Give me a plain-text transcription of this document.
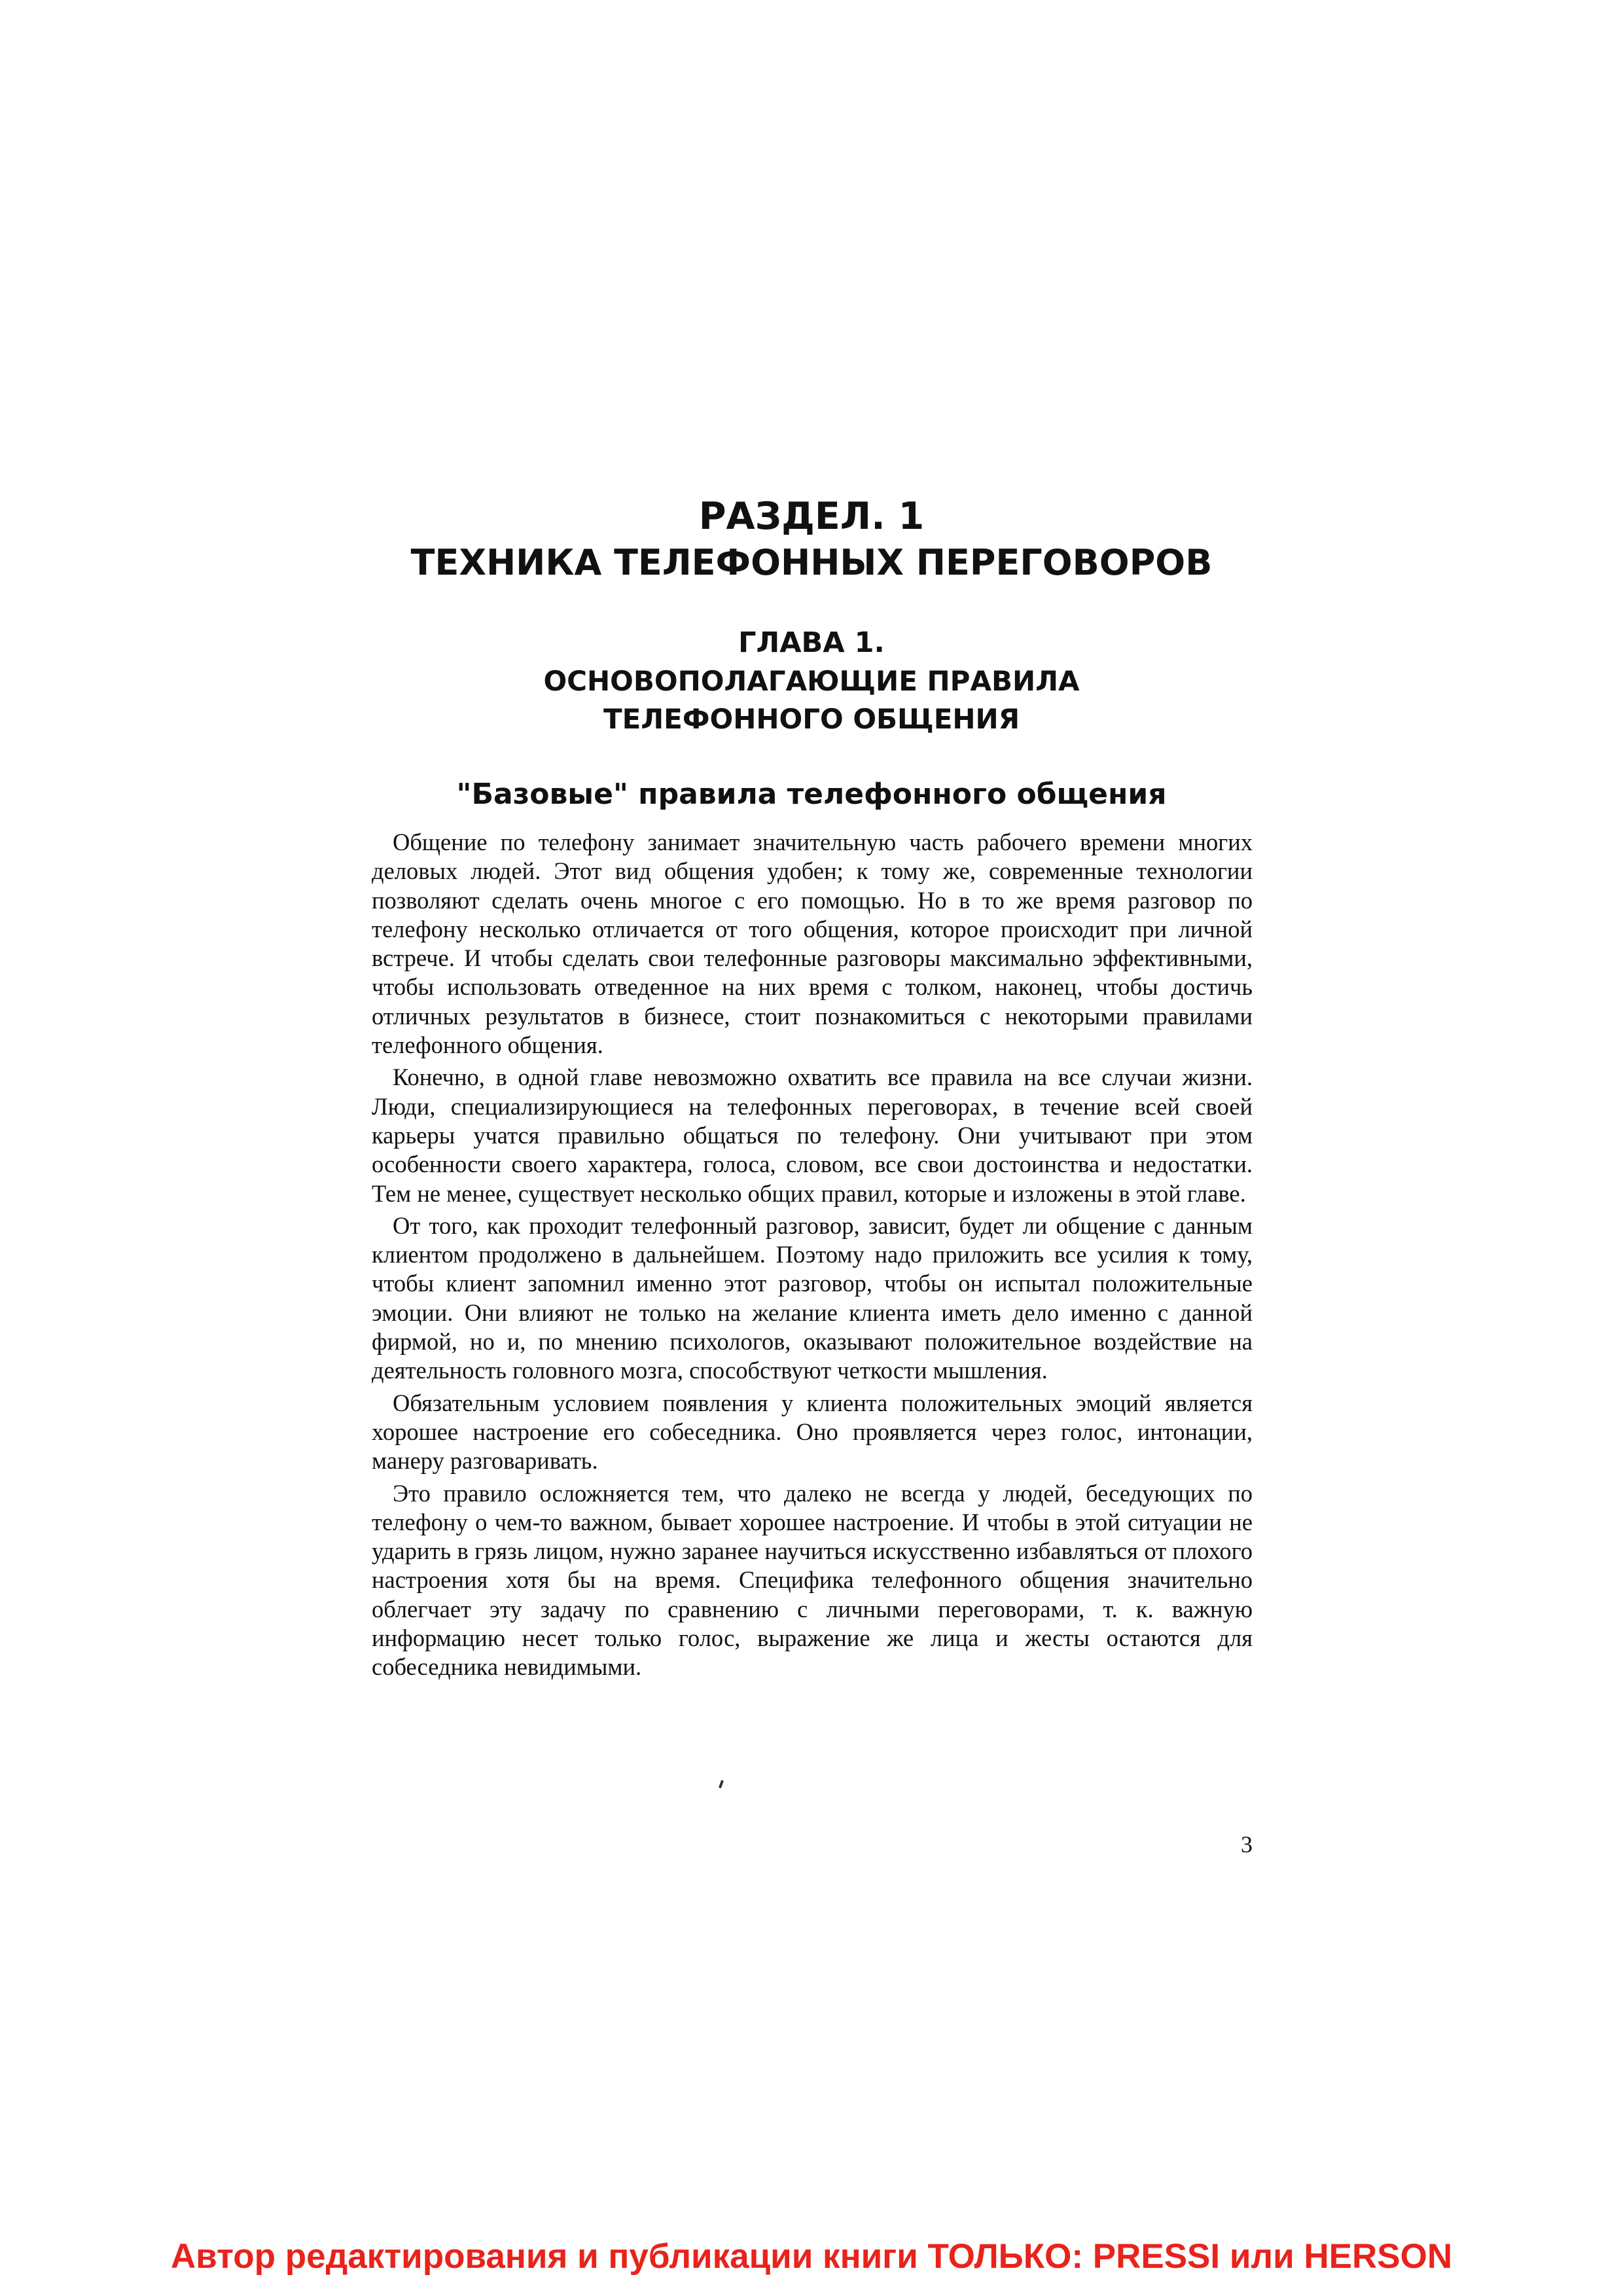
РАЗДЕЛ. 1
ТЕХНИКА ТЕЛЕФОННЫХ ПЕРЕГОВОРОВ
ГЛАВА 1.
ОСНОВОПОЛАГАЮЩИЕ ПРАВИЛА
ТЕЛЕФОННОГО ОБЩЕНИЯ
"Базовые" правила телефонного общения

Общение по телефону занимает значительную часть рабочего времени многих деловых людей. Этот вид общения удобен; к тому же, современные технологии позволяют сделать очень многое с его помощью. Но в то же время разговор по телефону несколько отличается от того общения, которое происходит при личной встрече. И чтобы сделать свои телефонные разговоры максимально эффективными, чтобы использовать отведенное на них время с толком, наконец, чтобы достичь отличных результатов в бизнесе, стоит познакомиться с некоторыми правилами телефонного общения.

Конечно, в одной главе невозможно охватить все правила на все случаи жизни. Люди, специализирующиеся на телефонных переговорах, в течение всей своей карьеры учатся правильно общаться по телефону. Они учитывают при этом особенности своего характера, голоса, словом, все свои достоинства и недостатки. Тем не менее, существует несколько общих правил, которые и изложены в этой главе.

От того, как проходит телефонный разговор, зависит, будет ли общение с данным клиентом продолжено в дальнейшем. Поэтому надо приложить все усилия к тому, чтобы клиент запомнил именно этот разговор, чтобы он испытал положительные эмоции. Они влияют не только на желание клиента иметь дело именно с данной фирмой, но и, по мнению психологов, оказывают положительное воздействие на деятельность головного мозга, способствуют четкости мышления.

Обязательным условием появления у клиента положительных эмоций является хорошее настроение его собеседника. Оно проявляется через голос, интонации, манеру разговаривать.

Это правило осложняется тем, что далеко не всегда у людей, беседующих по телефону о чем-то важном, бывает хорошее настроение. И чтобы в этой ситуации не ударить в грязь лицом, нужно заранее научиться искусственно избавляться от плохого настроения хотя бы на время. Специфика телефонного общения значительно облегчает эту задачу по сравнению с личными переговорами, т. к. важную информацию несет только голос, выражение же лица и жесты остаются для собеседника невидимыми.

3
Автор редактирования и публикации книги ТОЛЬКО: PRESSI или HERSON
